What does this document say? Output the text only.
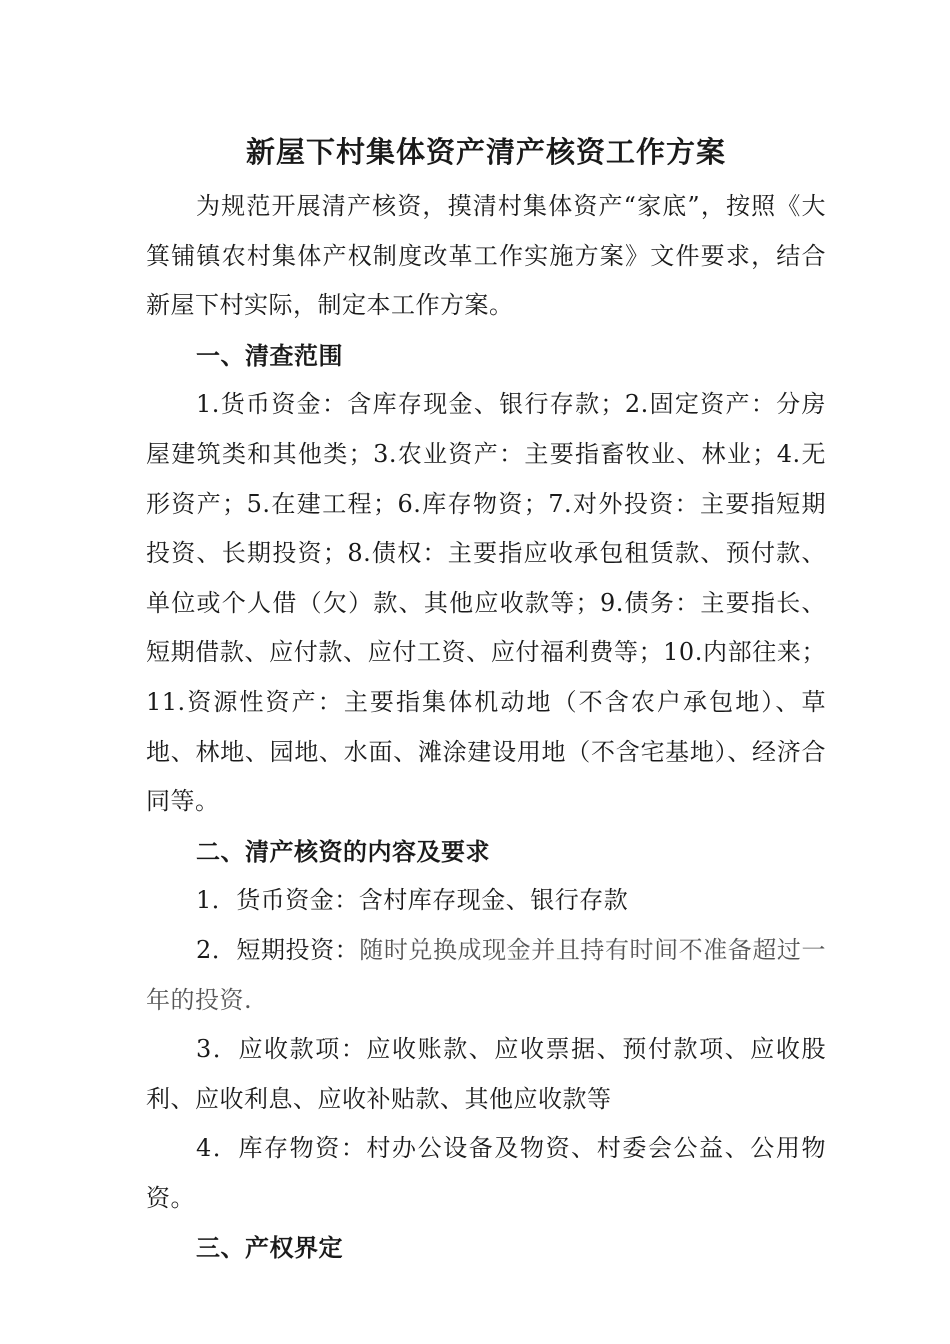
新屋下村集体资产清产核资工作方案

为规范开展清产核资，摸清村集体资产“家底”，按照《大箕铺镇农村集体产权制度改革工作实施方案》文件要求，结合新屋下村实际，制定本工作方案。

一、清查范围

1.货币资金：含库存现金、银行存款；2.固定资产：分房屋建筑类和其他类；3.农业资产：主要指畜牧业、林业；4.无形资产；5.在建工程；6.库存物资；7.对外投资：主要指短期投资、长期投资；8.债权：主要指应收承包租赁款、预付款、单位或个人借（欠）款、其他应收款等；9.债务：主要指长、短期借款、应付款、应付工资、应付福利费等；10.内部往来；11.资源性资产：主要指集体机动地（不含农户承包地）、草地、林地、园地、水面、滩涂建设用地（不含宅基地）、经济合同等。

二、清产核资的内容及要求

1．货币资金：含村库存现金、银行存款

2．短期投资：随时兑换成现金并且持有时间不准备超过一年的投资.

3．应收款项：应收账款、应收票据、预付款项、应收股利、应收利息、应收补贴款、其他应收款等

4．库存物资：村办公设备及物资、村委会公益、公用物资。

三、产权界定
